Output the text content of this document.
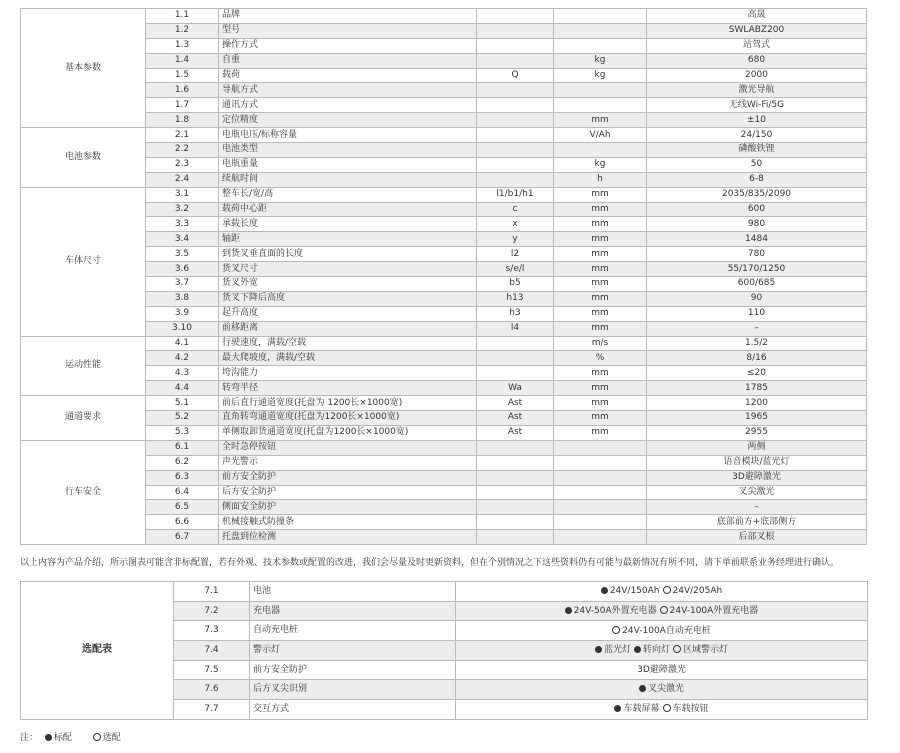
基本参数	1.1	品牌			高晟
	1.2	型号			SWLABZ200
	1.3	操作方式			站驾式
	1.4	自重		kg	680
	1.5	载荷	Q	kg	2000
	1.6	导航方式			激光导航
	1.7	通讯方式			无线Wi-Fi/5G
	1.8	定位精度		mm	±10
电池参数	2.1	电瓶电压/标称容量		V/Ah	24/150
	2.2	电池类型			磷酸铁锂
	2.3	电瓶重量		kg	50
	2.4	续航时间		h	6-8
车体尺寸	3.1	整车长/宽/高	l1/b1/h1	mm	2035/835/2090
	3.2	载荷中心距	c	mm	600
	3.3	承载长度	x	mm	980
	3.4	轴距	y	mm	1484
	3.5	到货叉垂直面的长度	l2	mm	780
	3.6	货叉尺寸	s/e/l	mm	55/170/1250
	3.7	货叉外宽	b5	mm	600/685
	3.8	货叉下降后高度	h13	mm	90
	3.9	起升高度	h3	mm	110
	3.10	前移距离	l4	mm	–
运动性能	4.1	行驶速度，满载/空载		m/s	1.5/2
	4.2	最大爬坡度，满载/空载		%	8/16
	4.3	垮沟能力		mm	≤20
	4.4	转弯半径	Wa	mm	1785
通道要求	5.1	前后直行通道宽度(托盘为 1200长×1000宽)	Ast	mm	1200
	5.2	直角转弯通道宽度(托盘为1200长×1000宽)	Ast	mm	1965
	5.3	单侧取卸货通道宽度(托盘为1200长×1000宽)	Ast	mm	2955
行车安全	6.1	全时急停按钮			两侧
	6.2	声光警示			语音模块/蓝光灯
	6.3	前方安全防护			3D避障激光
	6.4	后方安全防护			叉尖激光
	6.5	侧面安全防护			–
	6.6	机械接触式防撞条			底部前方+底部侧方
	6.7	托盘到位检测			后部叉根
以上内容为产品介绍，所示图表可能含非标配置，若有外观、技术参数或配置的改进，我们会尽量及时更新资料，但在个别情况之下这些资料仍有可能与最新情况有所不同，请下单前联系业务经理进行确认。
选配表	7.1	电池	24V/150Ah 24V/205Ah
	7.2	充电器	24V-50A外置充电器 24V-100A外置充电器
	7.3	自动充电桩	24V-100A自动充电桩
	7.4	警示灯	蓝光灯 转向灯 区域警示灯
	7.5	前方安全防护	3D避障激光
	7.6	后方叉尖识别	叉尖激光
	7.7	交互方式	车载屏幕 车载按钮
注： 标配	选配
